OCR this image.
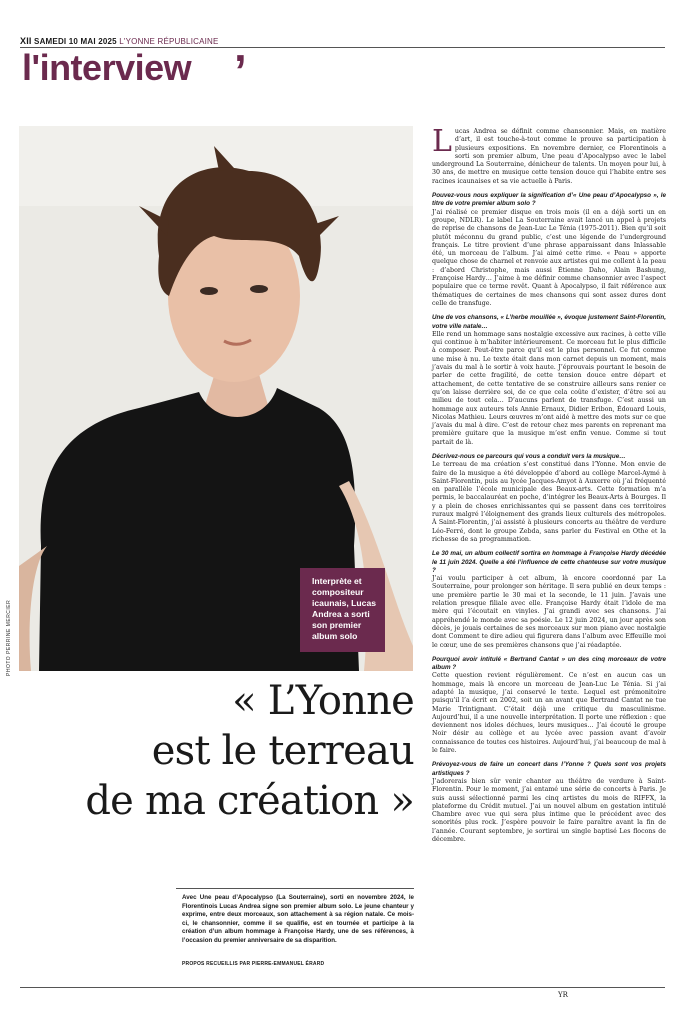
XII SAMEDI 10 MAI 2025 L'YONNE RÉPUBLICAINE
l'interview ’
PHOTO PERRINE MERCIER
Interprète et compositeur icaunais, Lucas Andrea a sorti son premier album solo
« L’Yonne
est le terreau
de ma création »
Avec Une peau d’Apocalypso (La Souterraine), sorti en novembre 2024, le Florentinois Lucas Andrea signe son premier album solo. Le jeune chanteur y exprime, entre deux morceaux, son attachement à sa région natale. Ce mois-ci, le chansonnier, comme il se qualifie, est en tournée et participe à la création d’un album hommage à Françoise Hardy, une de ses références, à l’occasion du premier anniversaire de sa disparition.
PROPOS RECUEILLIS PAR PIERRE-EMMANUEL ÉRARD

Lucas Andrea se définit comme chansonnier. Mais, en matière d’art, il est touche-à-tout comme le prouve sa participation à plusieurs expositions. En novembre dernier, ce Florentinois a sorti son premier album, Une peau d’Apocalypso avec le label underground La Souterraine, dénicheur de talents. Un moyen pour lui, à 30 ans, de mettre en musique cette tension douce qui l’habite entre ses racines icaunaises et sa vie actuelle à Paris.

Pouvez-vous nous expliquer la signification d’« Une peau d’Apocalypso », le titre de votre premier album solo ?

J’ai réalisé ce premier disque en trois mois (il en a déjà sorti un en groupe, NDLR). Le label La Souterraine avait lancé un appel à projets de reprise de chansons de Jean-Luc Le Ténia (1975-2011). Bien qu’il soit plutôt méconnu du grand public, c’est une légende de l’underground français. Le titre provient d’une phrase apparaissant dans Inlassable été, un morceau de l’album. J’ai aimé cette rime. « Peau » apporte quelque chose de charnel et renvoie aux artistes qui me collent à la peau : d’abord Christophe, mais aussi Étienne Daho, Alain Bashung, Françoise Hardy… J’aime à me définir comme chansonnier avec l’aspect populaire que ce terme revêt. Quant à Apocalypso, il fait référence aux thématiques de certaines de mes chansons qui sont assez dures dont celle de transfuge.

Une de vos chansons, « L’herbe mouillée », évoque justement Saint-Florentin, votre ville natale…

Elle rend un hommage sans nostalgie excessive aux racines, à cette ville qui continue à m’habiter intérieurement. Ce morceau fut le plus difficile à composer. Peut-être parce qu’il est le plus personnel. Ce fut comme une mise à nu. Le texte était dans mon carnet depuis un moment, mais j’avais du mal à le sortir à voix haute. J’éprouvais pourtant le besoin de parler de cette fragilité, de cette tension douce entre départ et attachement, de cette tentative de se construire ailleurs sans renier ce qu’on laisse derrière soi, de ce que cela coûte d’exister, d’être soi au milieu de tout cela… D’aucuns parlent de transfuge. C’est aussi un hommage aux auteurs tels Annie Ernaux, Didier Eribon, Édouard Louis, Nicolas Mathieu. Leurs œuvres m’ont aidé à mettre des mots sur ce que j’avais du mal à dire. C’est de retour chez mes parents en reprenant ma première guitare que la musique m’est enfin venue. Comme si tout partait de là.

Décrivez-nous ce parcours qui vous a conduit vers la musique…

Le terreau de ma création s’est constitué dans l’Yonne. Mon envie de faire de la musique a été développée d’abord au collège Marcel-Aymé à Saint-Florentin, puis au lycée Jacques-Amyot à Auxerre où j’ai fréquenté en parallèle l’école municipale des Beaux-arts. Cette formation m’a permis, le baccalauréat en poche, d’intégrer les Beaux-Arts à Bourges. Il y a plein de choses enrichissantes qui se passent dans ces territoires ruraux malgré l’éloignement des grands lieux culturels des métropoles. À Saint-Florentin, j’ai assisté à plusieurs concerts au théâtre de verdure Léo-Ferré, dont le groupe Zebda, sans parler du Festival en Othe et la richesse de sa programmation.

Le 30 mai, un album collectif sortira en hommage à Françoise Hardy décédée le 11 juin 2024. Quelle a été l’influence de cette chanteuse sur votre musique ?

J’ai voulu participer à cet album, là encore coordonné par La Souterraine, pour prolonger son héritage. Il sera publié en deux temps : une première partie le 30 mai et la seconde, le 11 juin. J’avais une relation presque filiale avec elle. Françoise Hardy était l’idole de ma mère qui l’écoutait en vinyles. J’ai grandi avec ses chansons. J’ai appréhendé le monde avec sa poésie. Le 12 juin 2024, un jour après son décès, je jouais certaines de ses morceaux sur mon piano avec nostalgie dont Comment te dire adieu qui figurera dans l’album avec Effeuille moi le cœur, une de ses premières chansons que j’ai réadaptée.

Pourquoi avoir intitulé « Bertrand Cantat » un des cinq morceaux de votre album ?

Cette question revient régulièrement. Ce n’est en aucun cas un hommage, mais là encore un morceau de Jean-Luc Le Ténia. Si j’ai adapté la musique, j’ai conservé le texte. Lequel est prémonitoire puisqu’il l’a écrit en 2002, soit un an avant que Bertrand Cantat ne tue Marie Trintignant. C’était déjà une critique du masculinisme. Aujourd’hui, il a une nouvelle interprétation. Il porte une réflexion : que deviennent nos idoles déchues, leurs musiques… J’ai écouté le groupe Noir désir au collège et au lycée avec passion avant d’avoir connaissance de toutes ces histoires. Aujourd’hui, j’ai beaucoup de mal à le faire.

Prévoyez-vous de faire un concert dans l’Yonne ? Quels sont vos projets artistiques ?

J’adorerais bien sûr venir chanter au théâtre de verdure à Saint-Florentin. Pour le moment, j’ai entamé une série de concerts à Paris. Je suis aussi sélectionné parmi les cinq artistes du mois de RIFFX, la plateforme du Crédit mutuel. J’ai un nouvel album en gestation intitulé Chambre avec vue qui sera plus intime que le précédent avec des sonorités plus rock. J’espère pouvoir le faire paraître avant la fin de l’année. Courant septembre, je sortirai un single baptisé Les flocons de décembre.

YR
